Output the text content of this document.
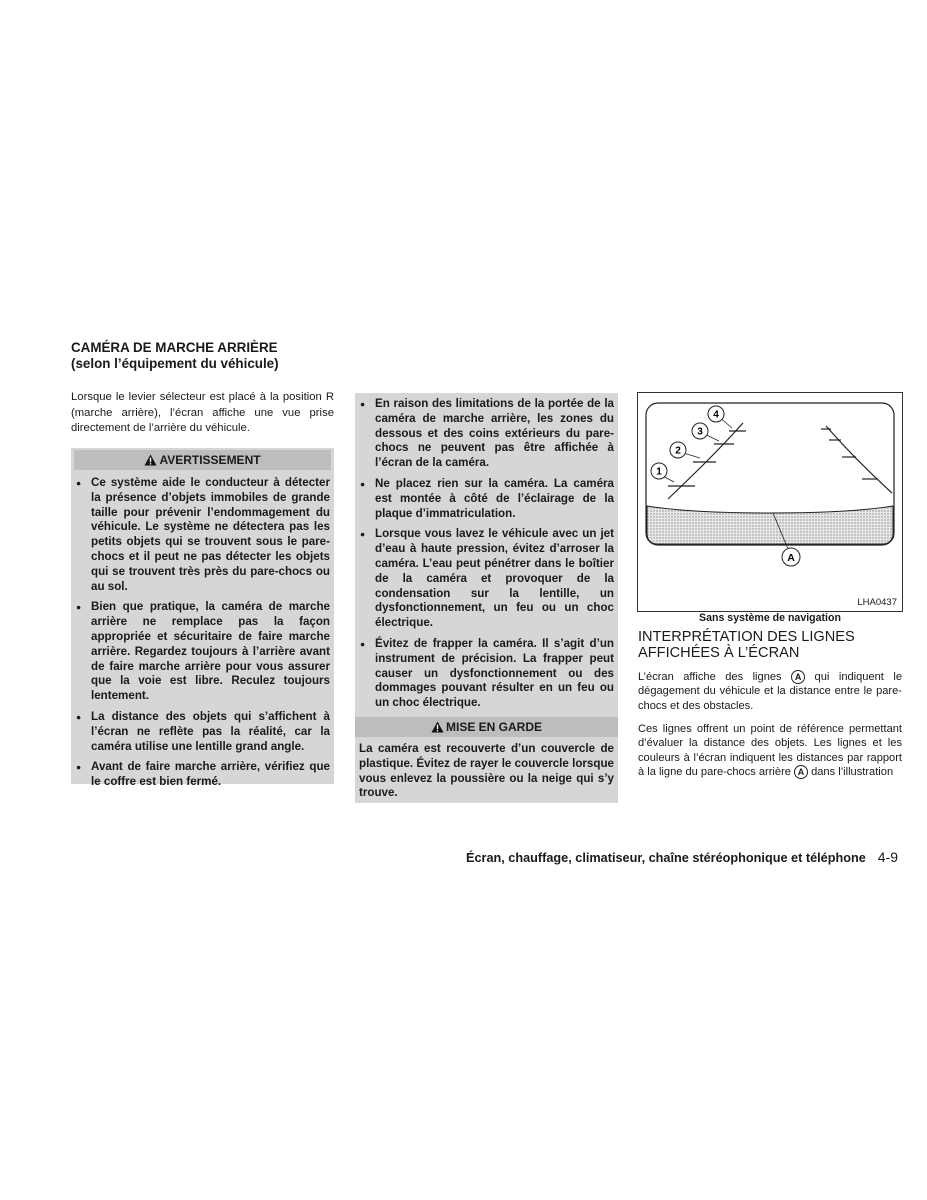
CAMÉRA DE MARCHE ARRIÈRE
(selon l’équipement du véhicule)
Lorsque le levier sélecteur est placé à la position R (marche arrière), l’écran affiche une vue prise directement de l’arrière du véhicule.
AVERTISSEMENT
● Ce système aide le conducteur à détecter la présence d’objets immobiles de grande taille pour prévenir l’endommagement du véhicule. Le système ne détectera pas les petits objets qui se trouvent sous le pare-chocs et il peut ne pas détecter les objets qui se trouvent très près du pare-chocs ou au sol.
● Bien que pratique, la caméra de marche arrière ne remplace pas la façon appropriée et sécuritaire de faire marche arrière. Regardez toujours à l’arrière avant de faire marche arrière pour vous assurer que la voie est libre. Reculez toujours lentement.
● La distance des objets qui s’affichent à l’écran ne reflète pas la réalité, car la caméra utilise une lentille grand angle.
● Avant de faire marche arrière, vérifiez que le coffre est bien fermé.
● En raison des limitations de la portée de la caméra de marche arrière, les zones du dessous et des coins extérieurs du pare-chocs ne peuvent pas être affichée à l’écran de la caméra.
● Ne placez rien sur la caméra. La caméra est montée à côté de l’éclairage de la plaque d’immatriculation.
● Lorsque vous lavez le véhicule avec un jet d’eau à haute pression, évitez d’arroser la caméra. L’eau peut pénétrer dans le boîtier de la caméra et provoquer de la condensation sur la lentille, un dysfonctionnement, un feu ou un choc électrique.
● Évitez de frapper la caméra. Il s’agit d’un instrument de précision. La frapper peut causer un dysfonctionnement ou des dommages pouvant résulter en un feu ou un choc électrique.
MISE EN GARDE
La caméra est recouverte d’un couvercle de plastique. Évitez de rayer le couvercle lorsque vous enlevez la poussière ou la neige qui s’y trouve.
1
2
3
4
A
LHA0437
Sans système de navigation
INTERPRÉTATION DES LIGNES
AFFICHÉES À L’ÉCRAN
L’écran affiche des lignes A qui indiquent le dégagement du véhicule et la distance entre le pare-chocs et des obstacles.
Ces lignes offrent un point de référence permettant d’évaluer la distance des objets. Les lignes et les couleurs à l’écran indiquent les distances par rapport à la ligne du pare-chocs arrière A dans l’illustration
Écran, chauffage, climatiseur, chaîne stéréophonique et téléphone 4-9
